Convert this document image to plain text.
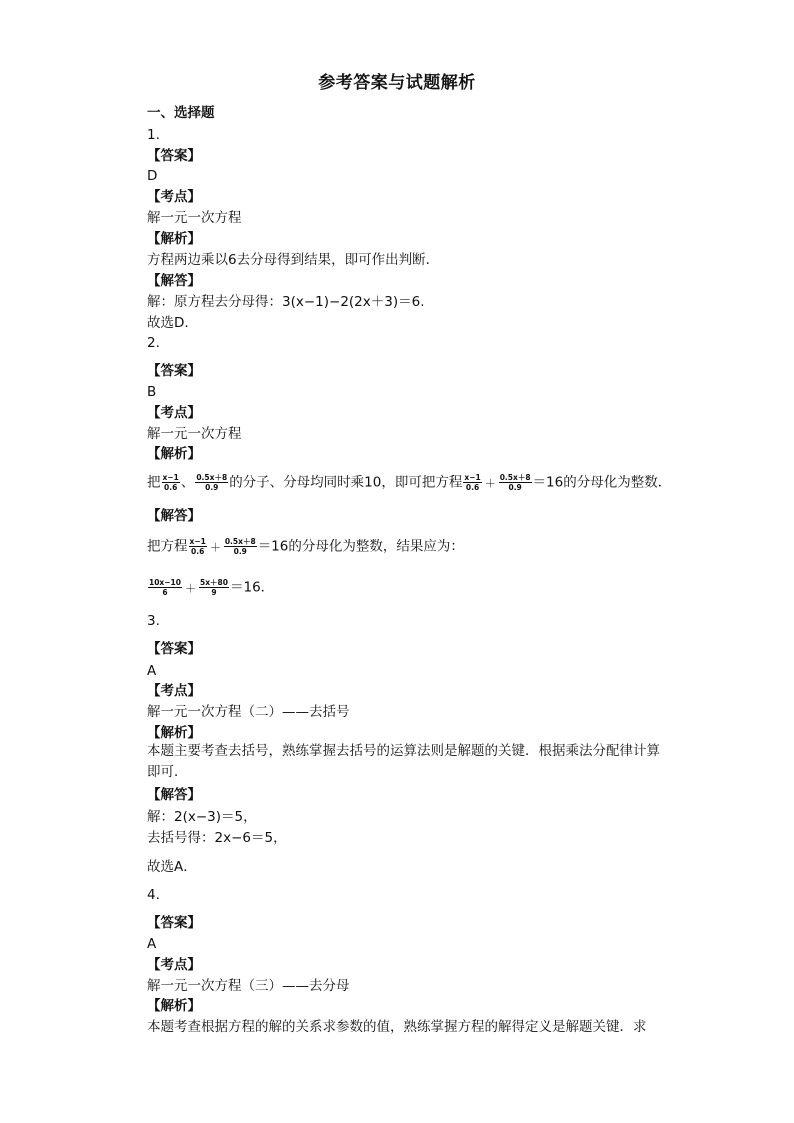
参考答案与试题解析
一、选择题
1.
【答案】
D
【考点】
解一元一次方程
【解析】
方程两边乘以6去分母得到结果，即可作出判断．
【解答】
解：原方程去分母得：3(x−1)−2(2x＋3)＝6.
故选D.
2.
【答案】
B
【考点】
解一元一次方程
【解析】
把 $\frac{x-1}{0.6}$ 、 $\frac{0.5x+8}{0.9}$ 的分子、分母均同时乘10，即可把方程 $\frac{x-1}{0.6} + \frac{0.5x+8}{0.9} =16$的分母化为整数．
【解答】
把方程 $\frac{x-1}{0.6} + \frac{0.5x+8}{0.9} =16$的分母化为整数，结果应为：
$\frac{10x-10}{6} + \frac{5x+80}{9} =16$．
3.
【答案】
A
【考点】
解一元一次方程（二）——去括号
【解析】
本题主要考查去括号，熟练掌握去括号的运算法则是解题的关键．根据乘法分配律计算即可．
【解答】
解：2(x−3)＝5，
去括号得：2x−6＝5，
故选A．
4.
【答案】
A
【考点】
解一元一次方程（三）——去分母
【解析】
本题考查根据方程的解的关系求参数的值，熟练掌握方程的解得定义是解题关键．求
